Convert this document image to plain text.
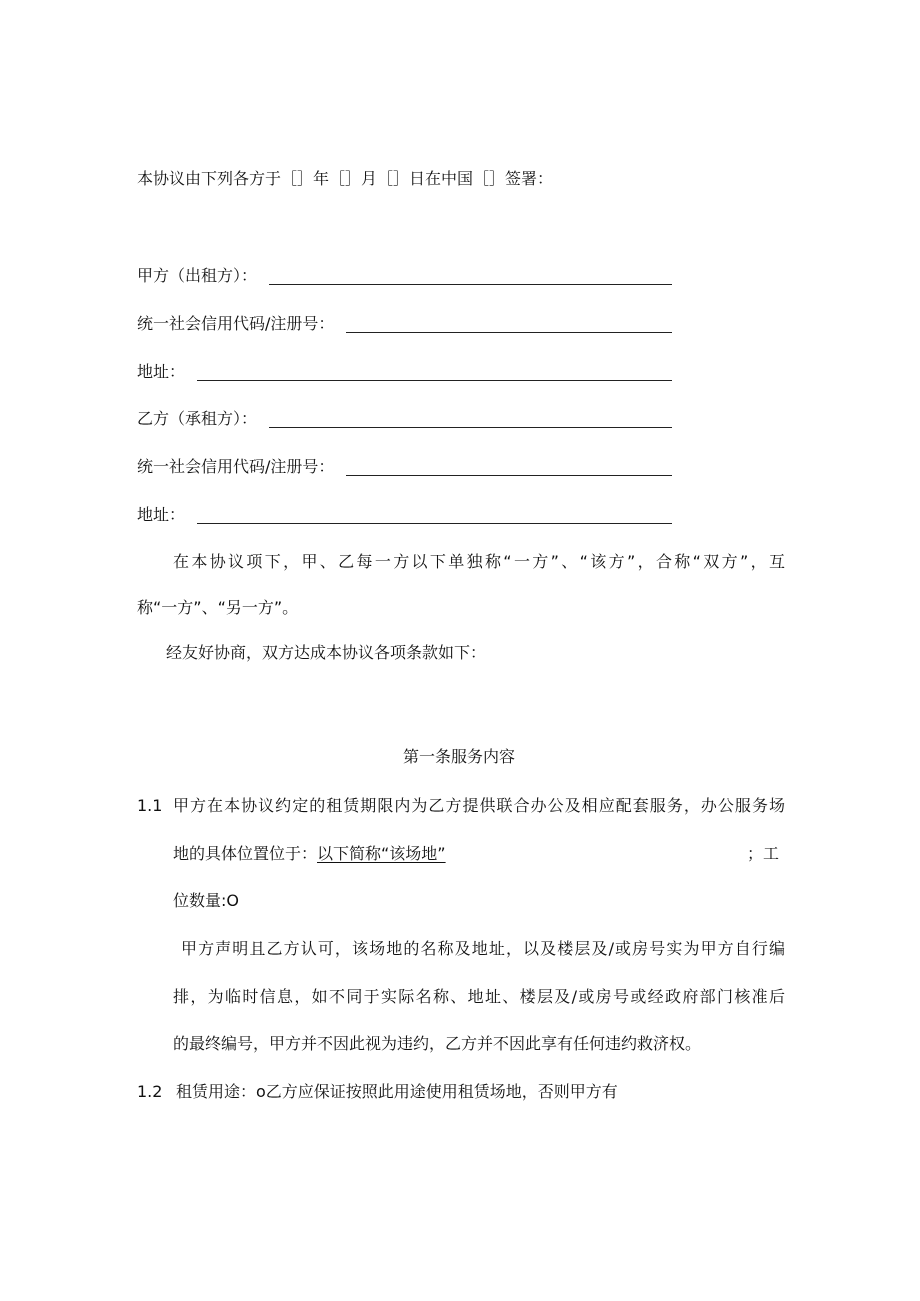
本协议由下列各方于［］年［］月［］日在中国［］签署：
甲方（出租方）：
统一社会信用代码/注册号：
地址：
乙方（承租方）：
统一社会信用代码/注册号：
地址：
在本协议项下，甲、乙每一方以下单独称“一方”、“该方”，合称“双方”，互
称“一方”、“另一方”。
经友好协商，双方达成本协议各项条款如下：
第一条服务内容
1.1 甲方在本协议约定的租赁期限内为乙方提供联合办公及相应配套服务，办公服务场
地的具体位置位于：以下简称“该场地”	；工
位数量:O
甲方声明且乙方认可，该场地的名称及地址，以及楼层及/或房号实为甲方自行编
排，为临时信息，如不同于实际名称、地址、楼层及/或房号或经政府部门核准后
的最终编号，甲方并不因此视为违约，乙方并不因此享有任何违约救济权。
1.2 租赁用途：o乙方应保证按照此用途使用租赁场地，否则甲方有
